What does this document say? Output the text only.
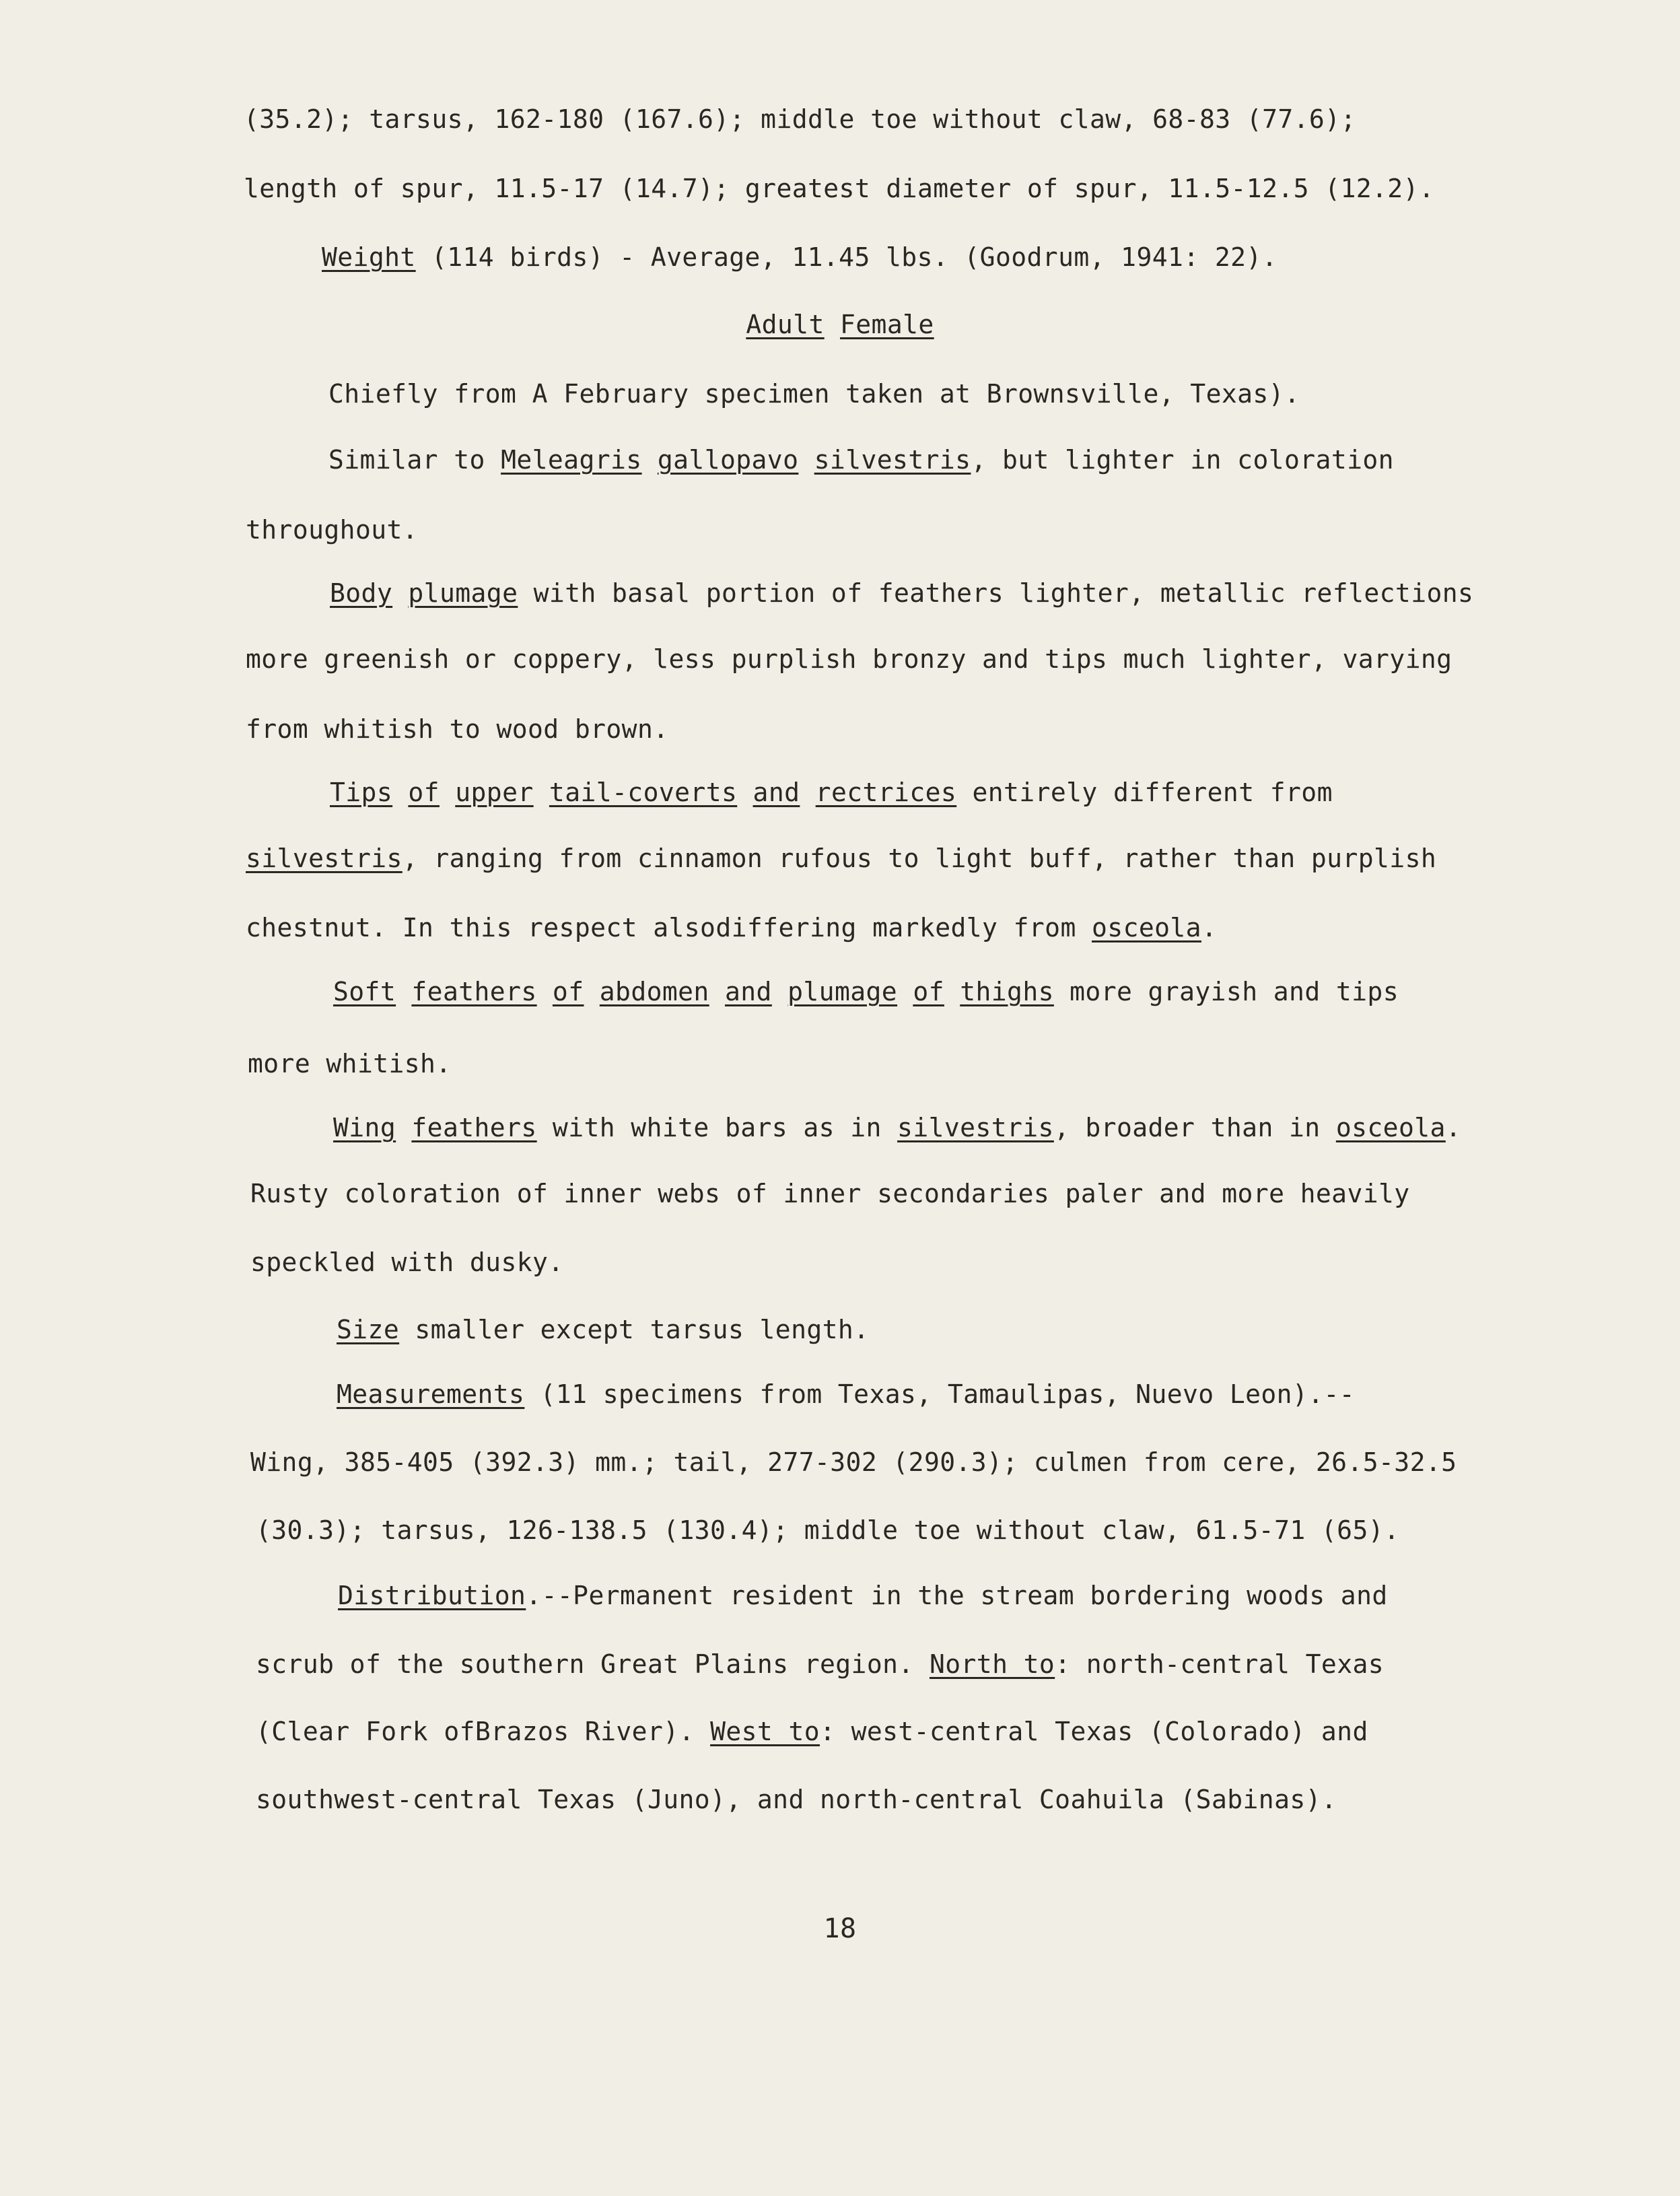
(35.2); tarsus, 162-180 (167.6); middle toe without claw, 68-83 (77.6);
length of spur, 11.5-17 (14.7); greatest diameter of spur, 11.5-12.5 (12.2).
Weight (114 birds) - Average, 11.45 lbs. (Goodrum, 1941: 22).
Adult Female
Chiefly from A February specimen taken at Brownsville, Texas).
Similar to Meleagris gallopavo silvestris, but lighter in coloration
throughout.
Body plumage with basal portion of feathers lighter, metallic reflections
more greenish or coppery, less purplish bronzy and tips much lighter, varying
from whitish to wood brown.
Tips of upper tail-coverts and rectrices entirely different from
silvestris, ranging from cinnamon rufous to light buff, rather than purplish
chestnut. In this respect alsodiffering markedly from osceola.
Soft feathers of abdomen and plumage of thighs more grayish and tips
more whitish.
Wing feathers with white bars as in silvestris, broader than in osceola.
Rusty coloration of inner webs of inner secondaries paler and more heavily
speckled with dusky.
Size smaller except tarsus length.
Measurements (11 specimens from Texas, Tamaulipas, Nuevo Leon).--
Wing, 385-405 (392.3) mm.; tail, 277-302 (290.3); culmen from cere, 26.5-32.5
(30.3); tarsus, 126-138.5 (130.4); middle toe without claw, 61.5-71 (65).
Distribution.--Permanent resident in the stream bordering woods and
scrub of the southern Great Plains region. North to: north-central Texas
(Clear Fork ofBrazos River). West to: west-central Texas (Colorado) and
southwest-central Texas (Juno), and north-central Coahuila (Sabinas).
18
